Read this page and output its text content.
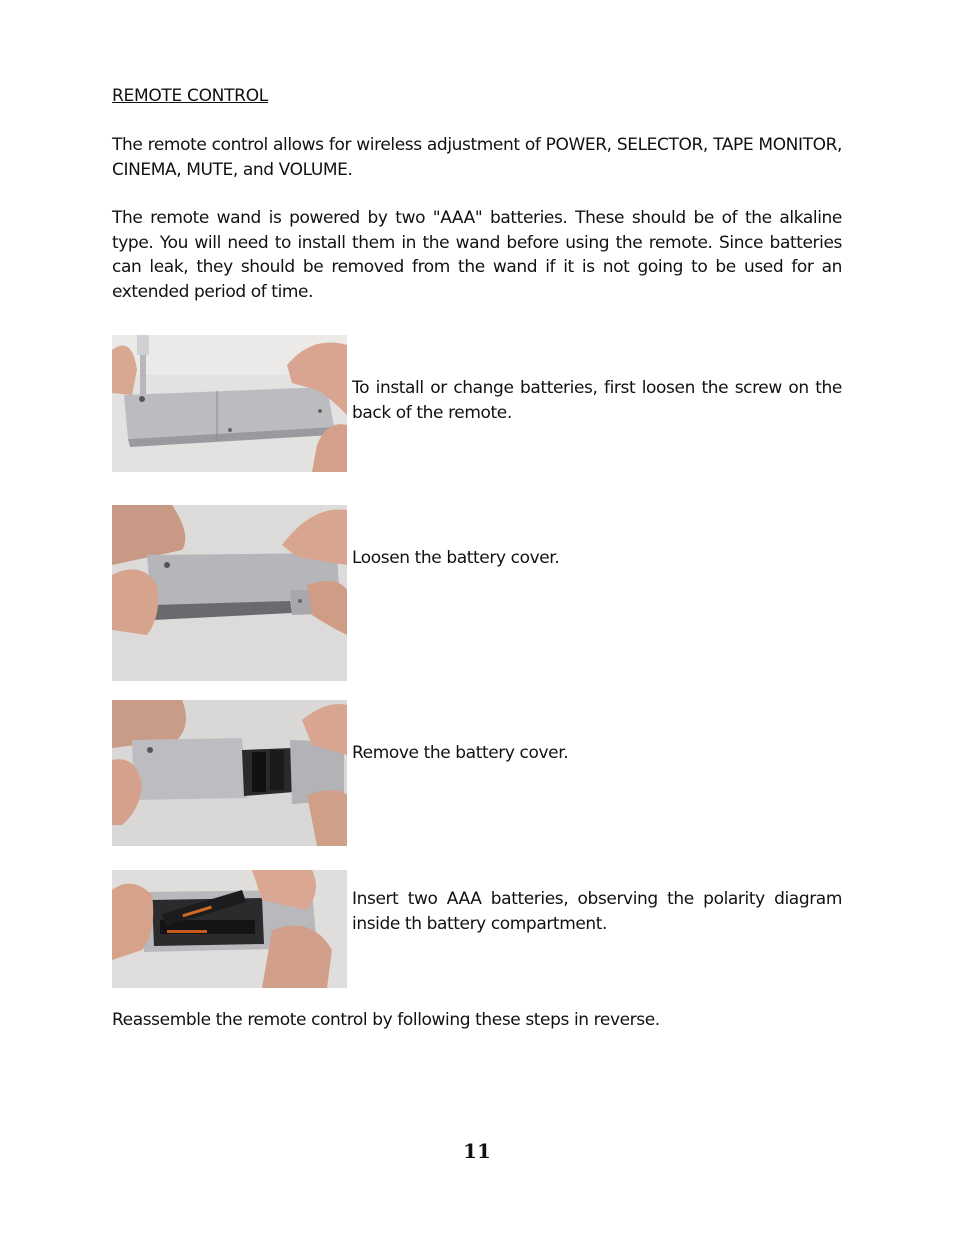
REMOTE CONTROL

The remote control allows for wireless adjustment of POWER, SELECTOR, TAPE MONITOR, CINEMA, MUTE, and VOLUME.

The remote wand is powered by two "AAA" batteries. These should be of the alkaline type. You will need to install them in the wand before using the remote. Since batteries can leak, they should be removed from the wand if it is not going to be used for an extended period of time.

To install or change batteries, first loosen the screw on the back of the remote.

Loosen the battery cover.

Remove the battery cover.

Insert two AAA batteries, observing the polarity diagram inside th battery compartment.

Reassemble the remote control by following these steps in reverse.

11
